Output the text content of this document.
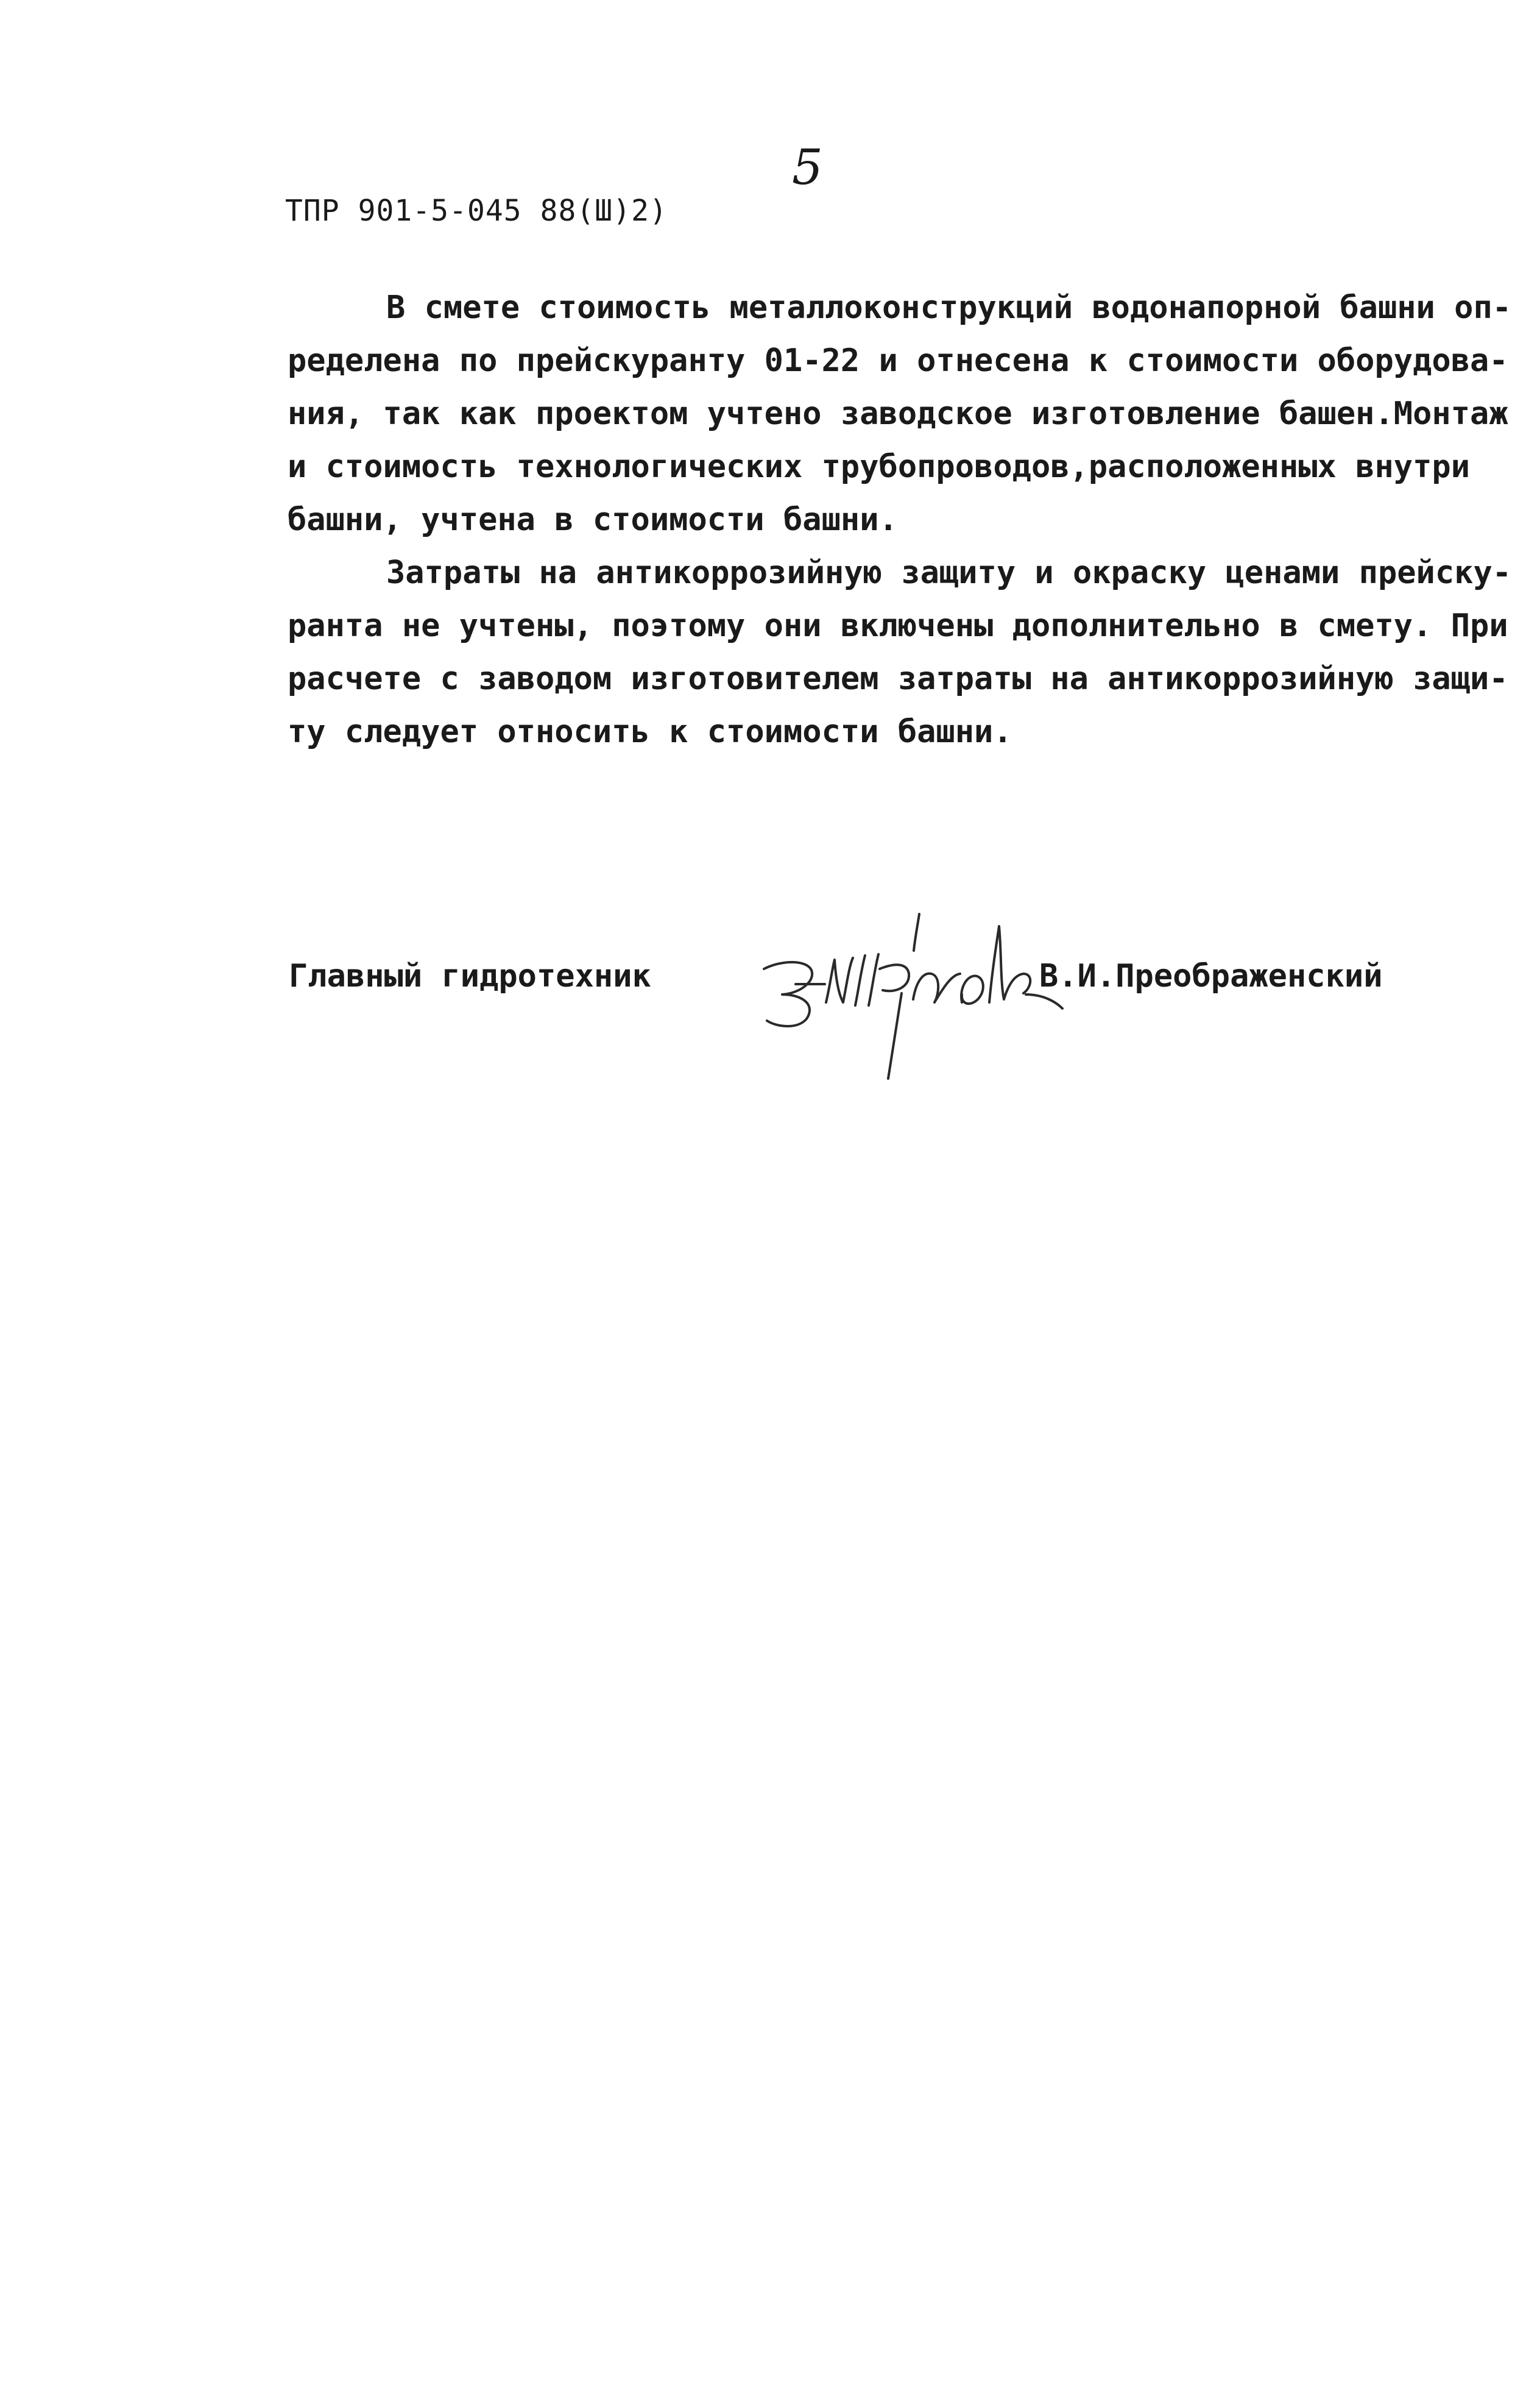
ТПР 901-5-045 88(Ш)2)
5
В смете стоимость металлоконструкций водонапорной башни оп-
ределена по прейскуранту 01-22 и отнесена к стоимости оборудова-
ния, так как проектом учтено заводское изготовление башен.Монтаж
и стоимость технологических трубопроводов,расположенных внутри
башни, учтена в стоимости башни.
Затраты на антикоррозийную защиту и окраску ценами прейску-
ранта не учтены, поэтому они включены дополнительно в смету. При
расчете с заводом изготовителем затраты на антикоррозийную защи-
ту следует относить к стоимости башни.
Главный гидротехник	В.И.Преображенский
